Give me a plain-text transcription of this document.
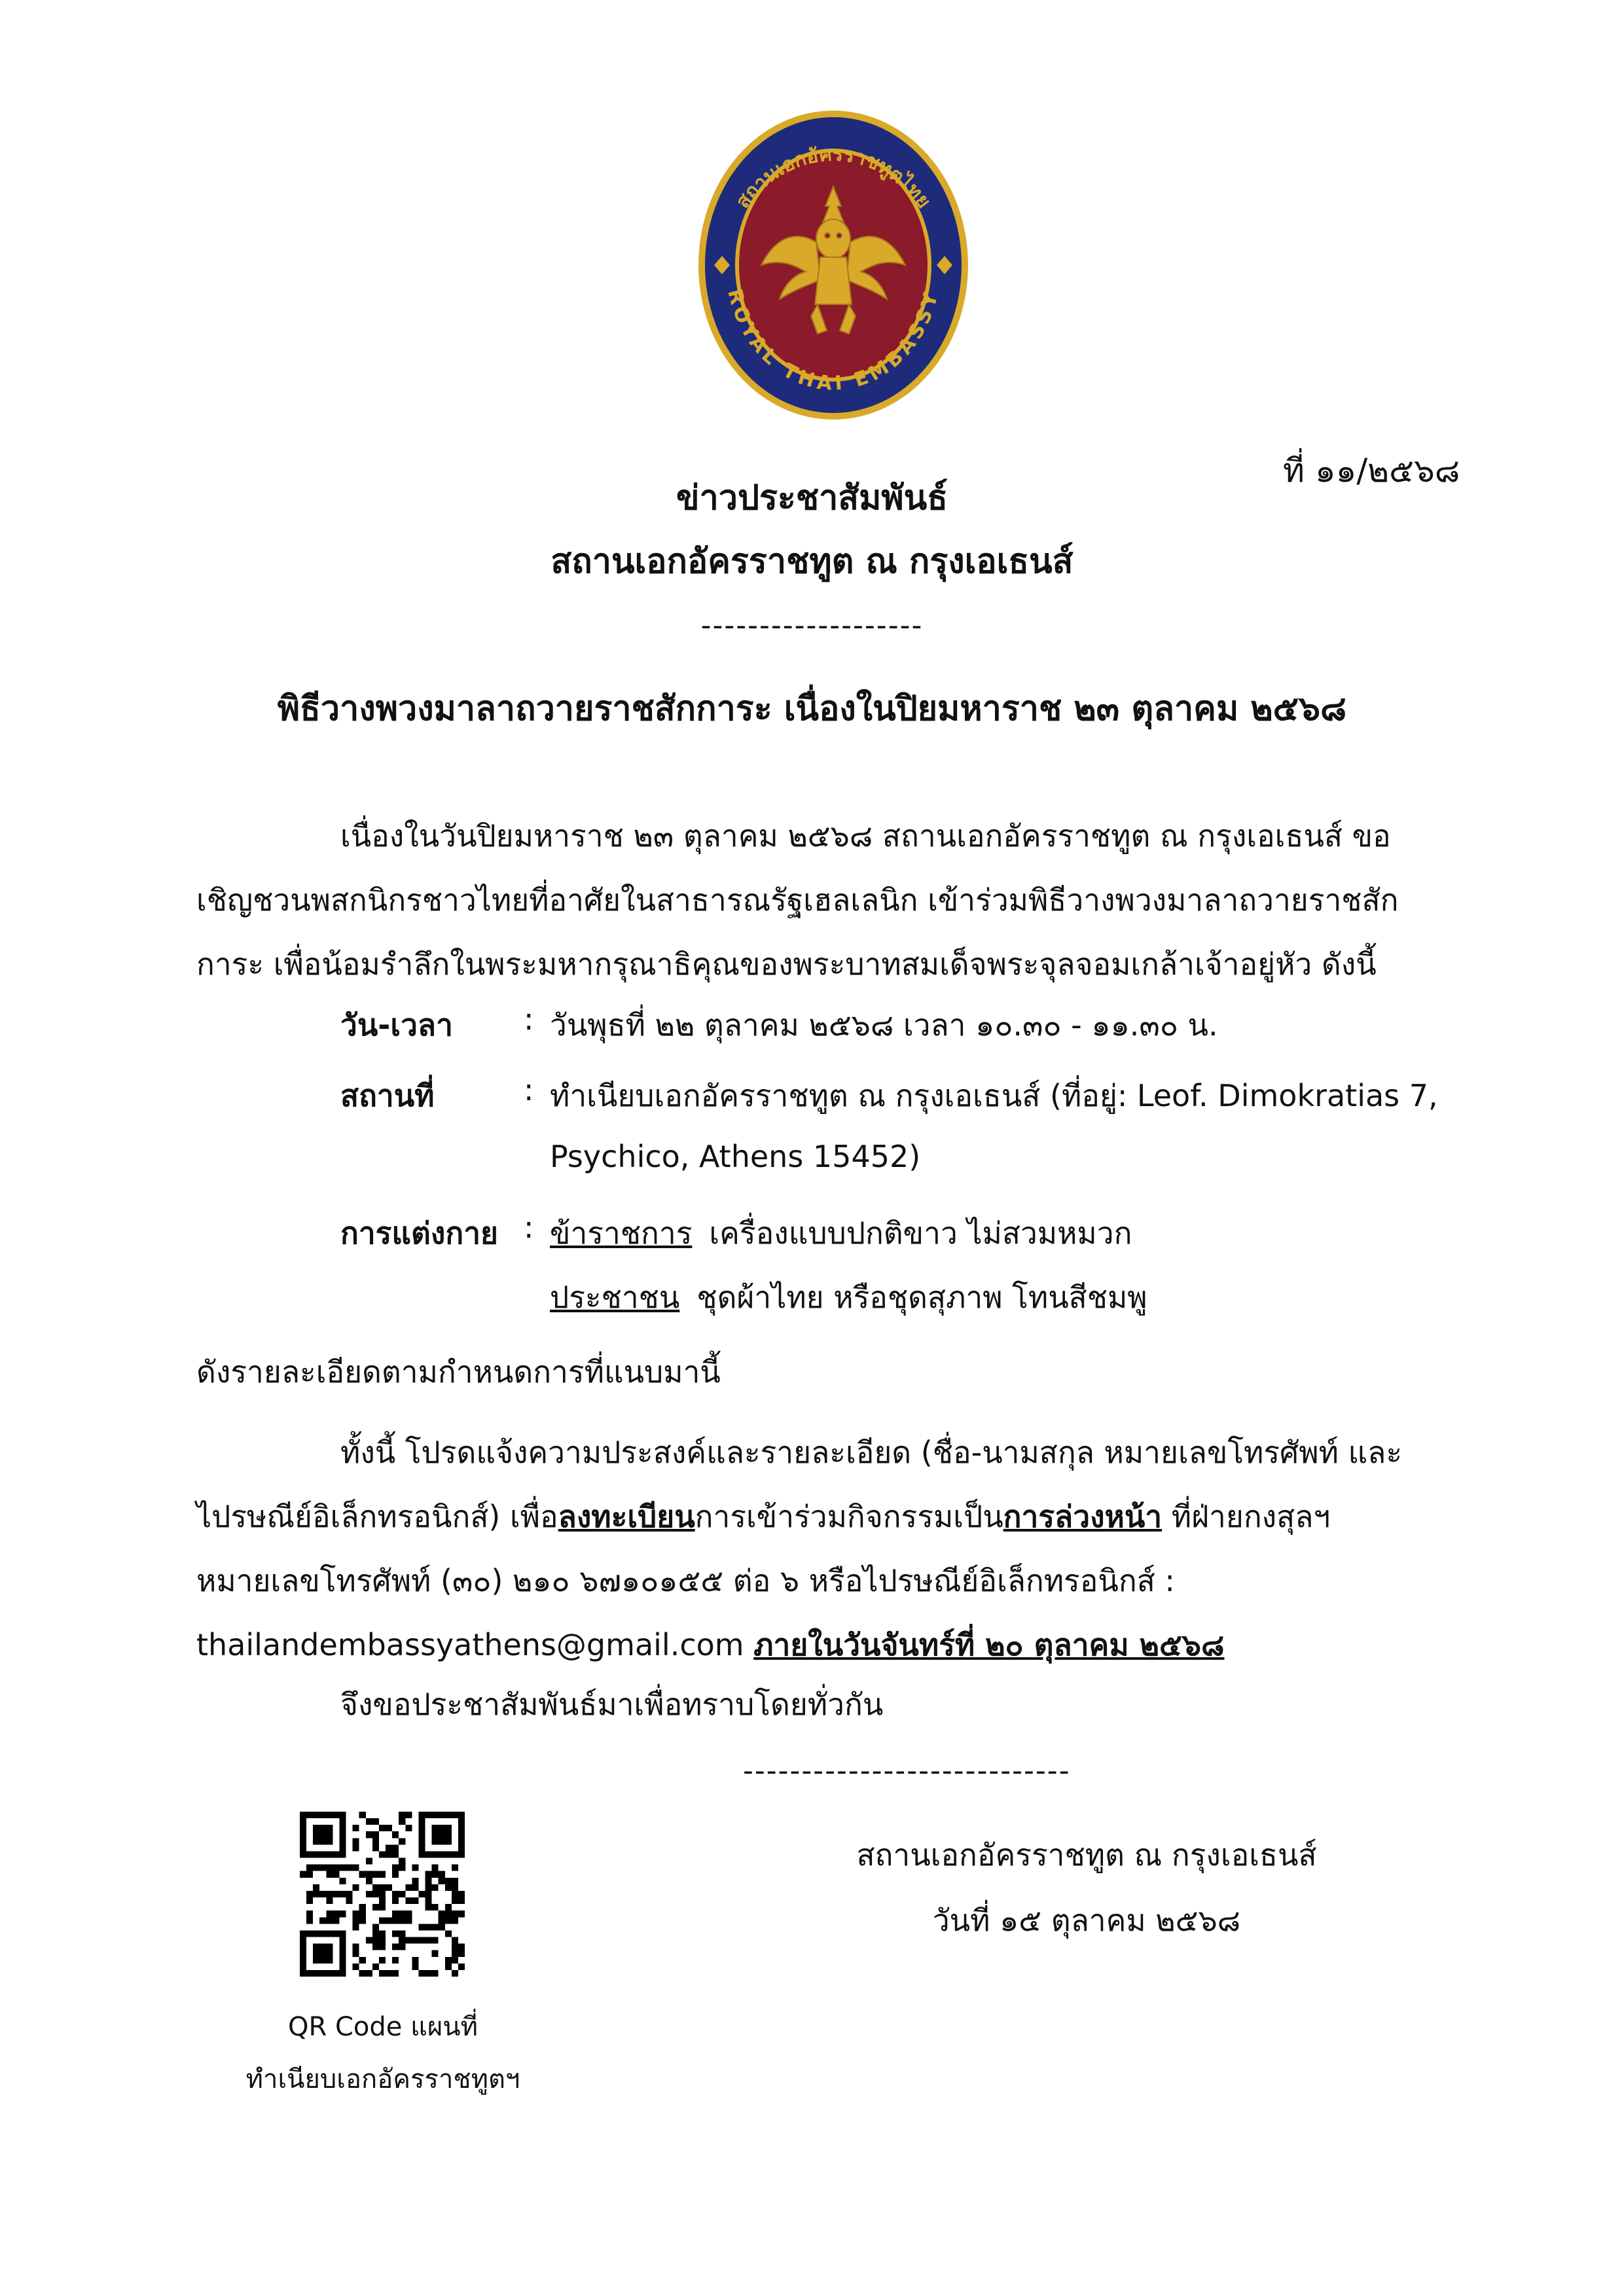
สถานเอกอัครราชทูตไทย
ROYAL THAI EMBASSY
ที่ ๑๑/๒๕๖๘
ข่าวประชาสัมพันธ์
สถานเอกอัครราชทูต ณ กรุงเอเธนส์
-------------------
พิธีวางพวงมาลาถวายราชสักการะ เนื่องในปิยมหาราช ๒๓ ตุลาคม ๒๕๖๘
เนื่องในวันปิยมหาราช ๒๓ ตุลาคม ๒๕๖๘ สถานเอกอัครราชทูต ณ กรุงเอเธนส์ ขอเชิญชวนพสกนิกรชาวไทยที่อาศัยในสาธารณรัฐเฮลเลนิก เข้าร่วมพิธีวางพวงมาลาถวายราชสักการะ เพื่อน้อมรำลึกในพระมหากรุณาธิคุณของพระบาทสมเด็จพระจุลจอมเกล้าเจ้าอยู่หัว ดังนี้
วัน-เวลา : วันพุธที่ ๒๒ ตุลาคม ๒๕๖๘ เวลา ๑๐.๓๐ - ๑๑.๓๐ น.
สถานที่	: ทำเนียบเอกอัครราชทูต ณ กรุงเอเธนส์ (ที่อยู่: Leof. Dimokratias 7,
Psychico, Athens 15452)
การแต่งกาย : ข้าราชการ เครื่องแบบปกติขาว ไม่สวมหมวก
ประชาชน ชุดผ้าไทย หรือชุดสุภาพ โทนสีชมพู
ดังรายละเอียดตามกำหนดการที่แนบมานี้
ทั้งนี้ โปรดแจ้งความประสงค์และรายละเอียด (ชื่อ-นามสกุล หมายเลขโทรศัพท์ และไปรษณีย์อิเล็กทรอนิกส์) เพื่อลงทะเบียนการเข้าร่วมกิจกรรมเป็นการล่วงหน้า ที่ฝ่ายกงสุลฯ หมายเลขโทรศัพท์ (๓๐) ๒๑๐ ๖๗๑๐๑๕๕ ต่อ ๖ หรือไปรษณีย์อิเล็กทรอนิกส์ : thailandembassyathens@gmail.com ภายในวันจันทร์ที่ ๒๐ ตุลาคม ๒๕๖๘
จึงขอประชาสัมพันธ์มาเพื่อทราบโดยทั่วกัน
----------------------------
สถานเอกอัครราชทูต ณ กรุงเอเธนส์
วันที่ ๑๕ ตุลาคม ๒๕๖๘
QR Code แผนที่
ทำเนียบเอกอัครราชทูตฯ
